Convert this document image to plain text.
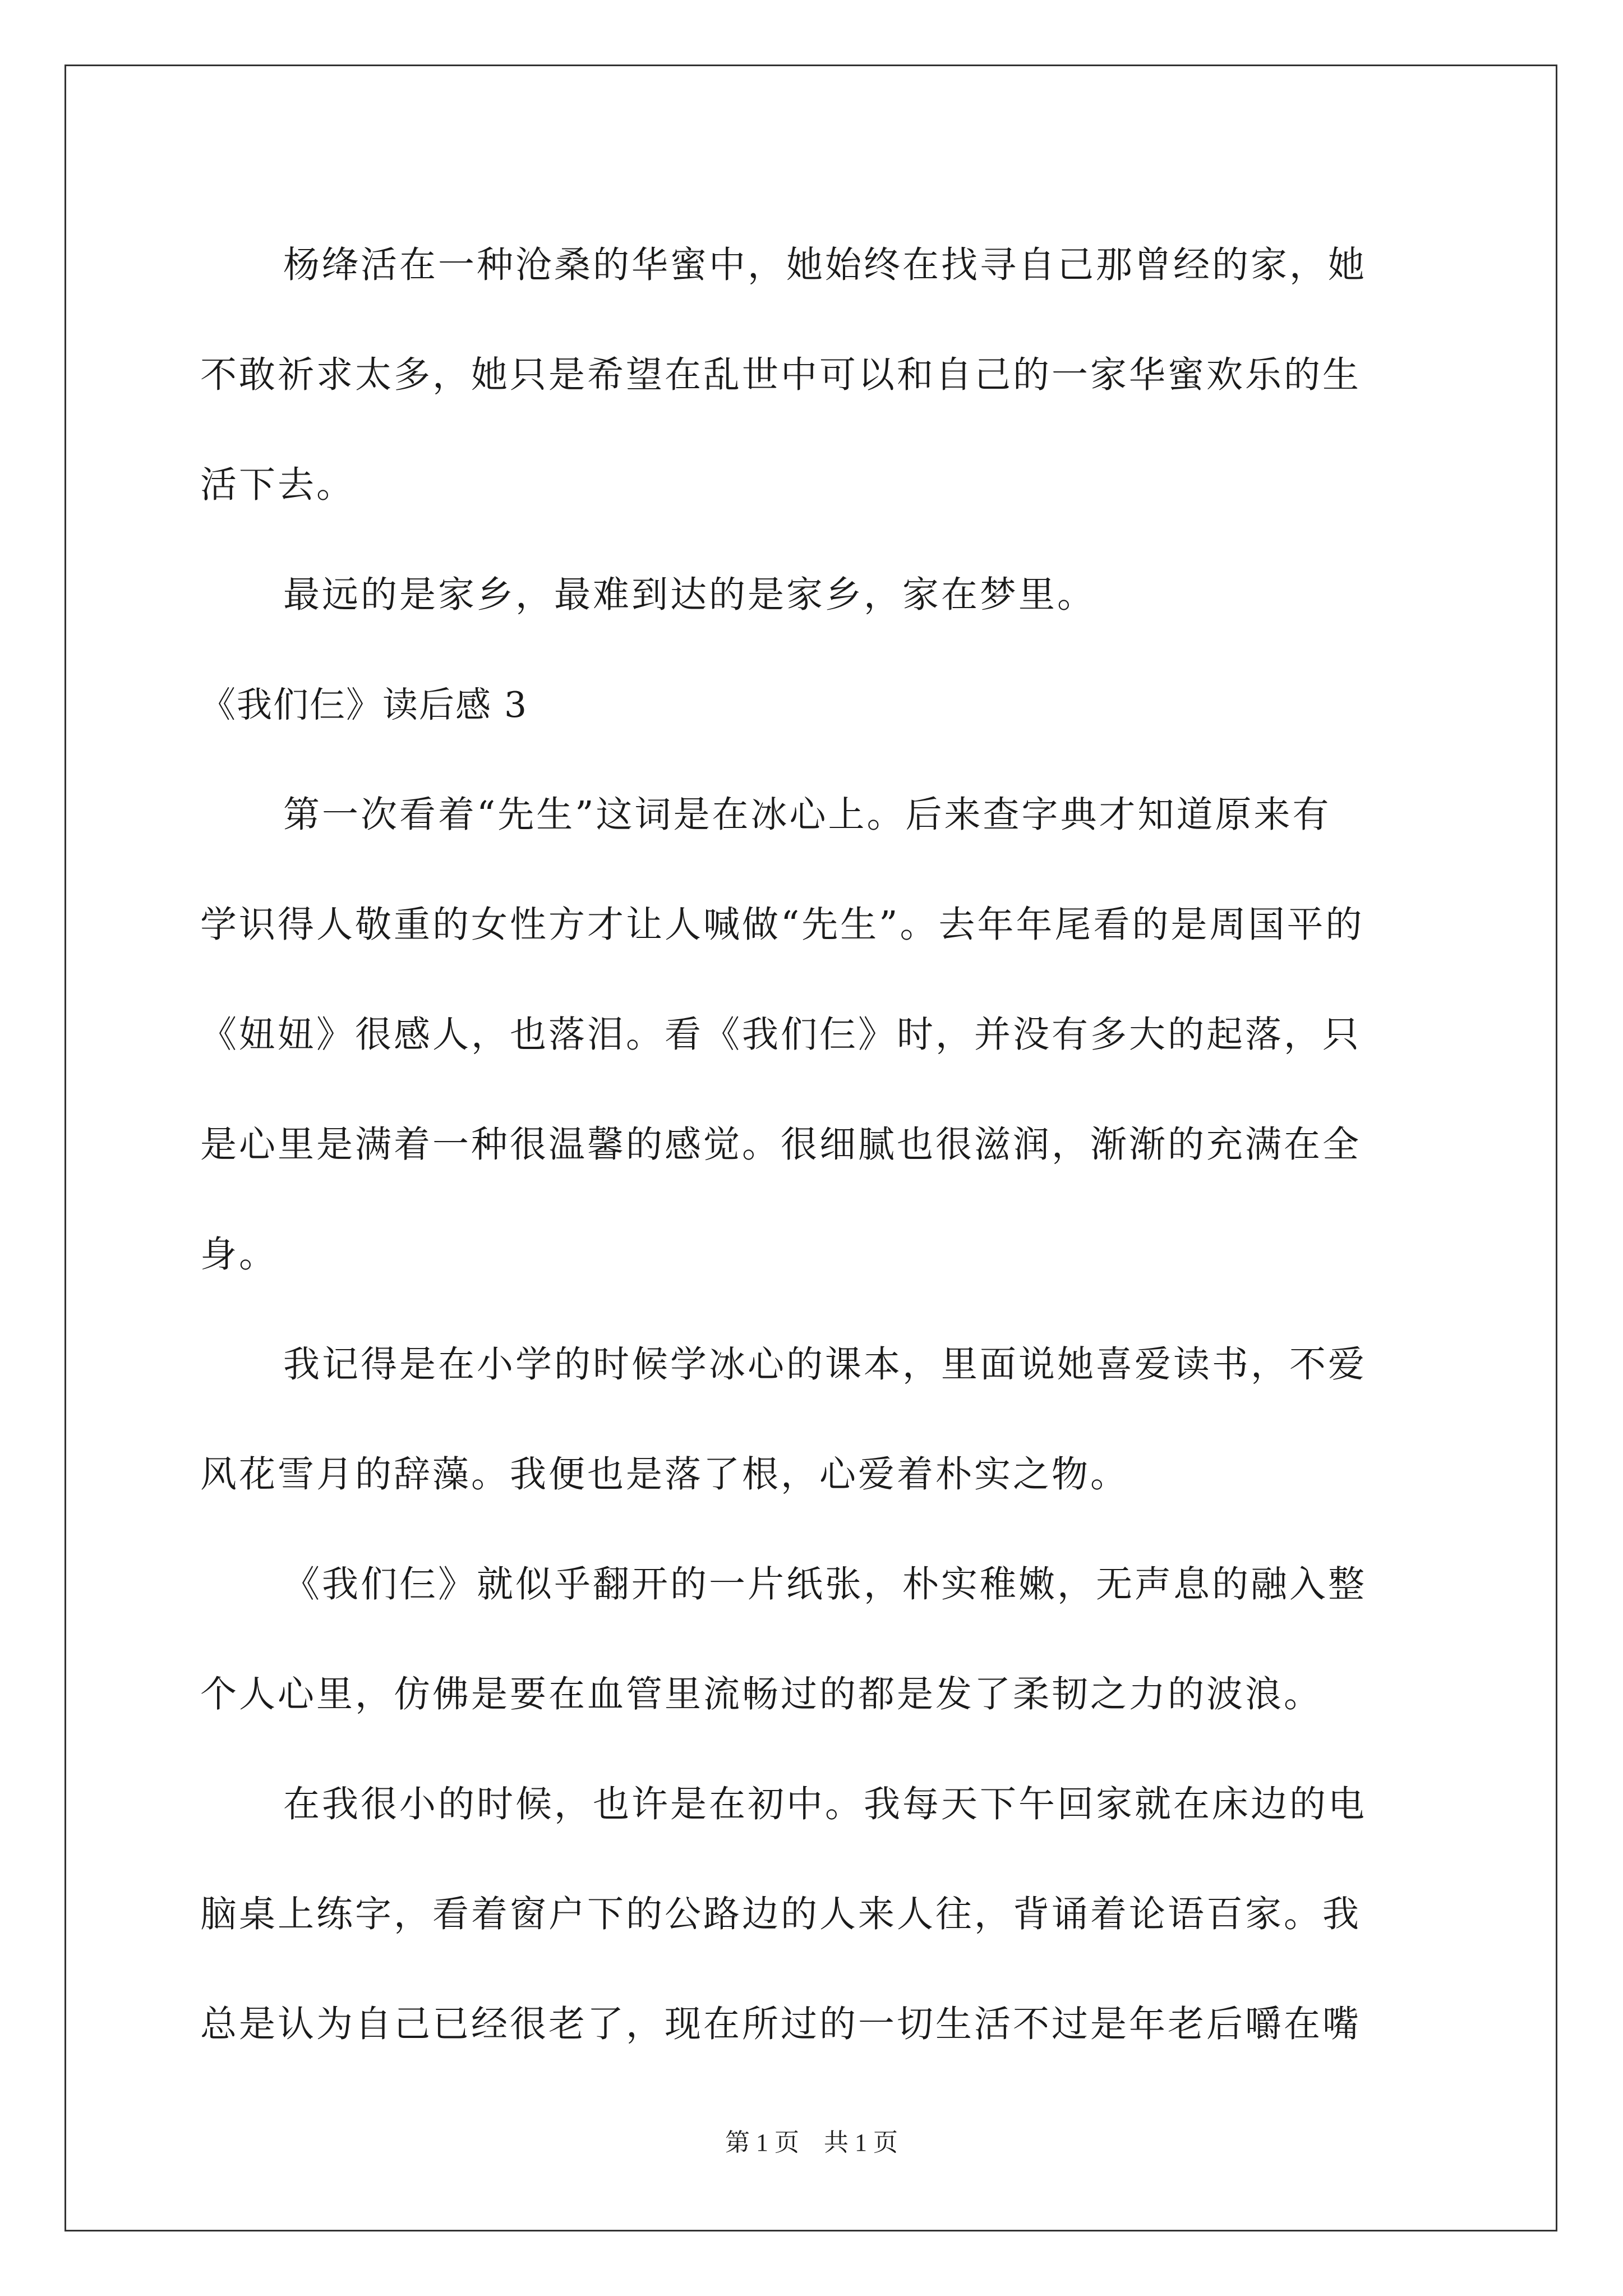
杨绛活在一种沧桑的华蜜中，她始终在找寻自己那曾经的家，她
不敢祈求太多，她只是希望在乱世中可以和自己的一家华蜜欢乐的生
活下去。
最远的是家乡，最难到达的是家乡，家在梦里。
《我们仨》读后感 3
第一次看着“先生”这词是在冰心上。后来查字典才知道原来有
学识得人敬重的女性方才让人喊做“先生”。去年年尾看的是周国平的
《妞妞》很感人，也落泪。看《我们仨》时，并没有多大的起落，只
是心里是满着一种很温馨的感觉。很细腻也很滋润，渐渐的充满在全
身。
我记得是在小学的时候学冰心的课本，里面说她喜爱读书，不爱
风花雪月的辞藻。我便也是落了根，心爱着朴实之物。
《我们仨》就似乎翻开的一片纸张，朴实稚嫩，无声息的融入整
个人心里，仿佛是要在血管里流畅过的都是发了柔韧之力的波浪。
在我很小的时候，也许是在初中。我每天下午回家就在床边的电
脑桌上练字，看着窗户下的公路边的人来人往，背诵着论语百家。我
总是认为自己已经很老了，现在所过的一切生活不过是年老后嚼在嘴
第 1 页　共 1 页
